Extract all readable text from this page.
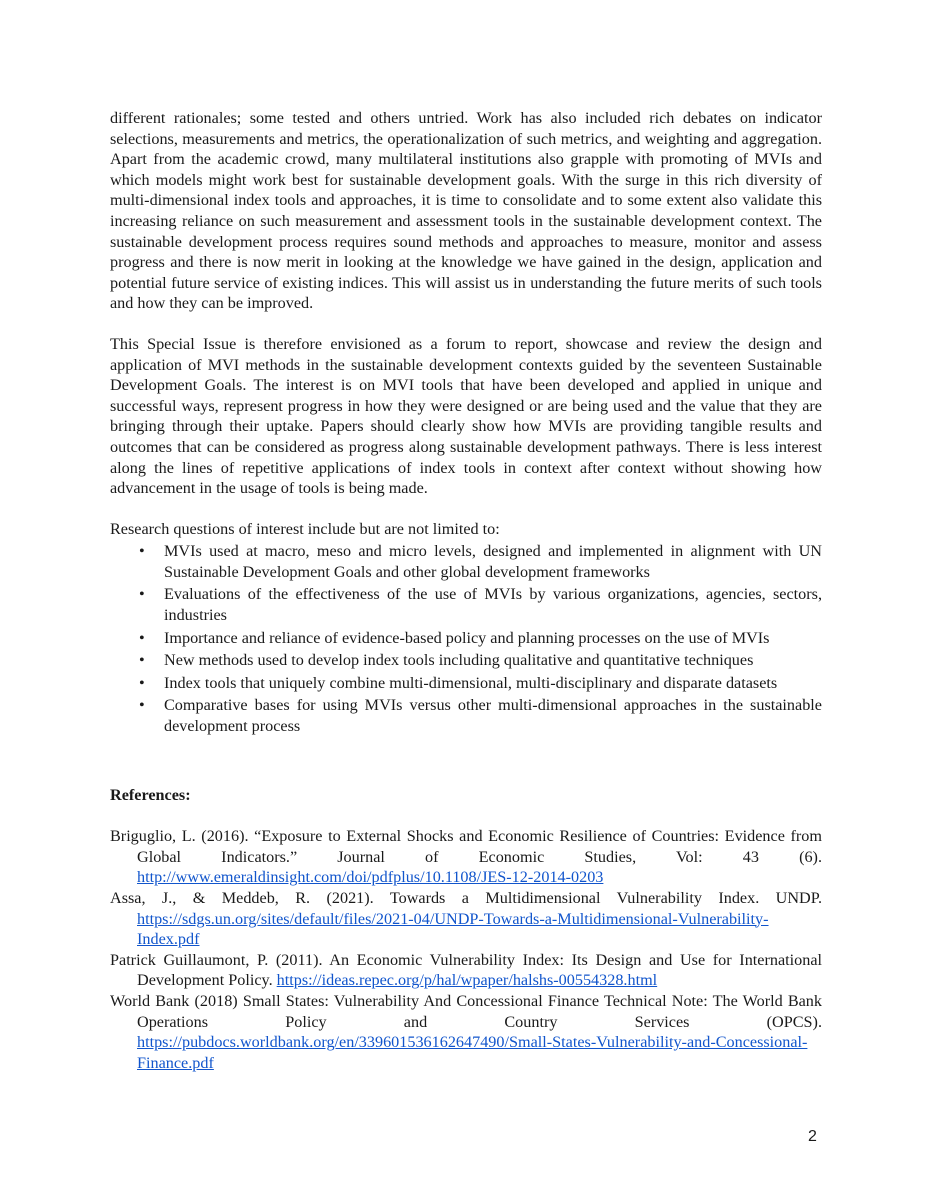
different rationales; some tested and others untried. Work has also included rich debates on indicator selections, measurements and metrics, the operationalization of such metrics, and weighting and aggregation. Apart from the academic crowd, many multilateral institutions also grapple with promoting of MVIs and which models might work best for sustainable development goals. With the surge in this rich diversity of multi-dimensional index tools and approaches, it is time to consolidate and to some extent also validate this increasing reliance on such measurement and assessment tools in the sustainable development context. The sustainable development process requires sound methods and approaches to measure, monitor and assess progress and there is now merit in looking at the knowledge we have gained in the design, application and potential future service of existing indices. This will assist us in understanding the future merits of such tools and how they can be improved.

This Special Issue is therefore envisioned as a forum to report, showcase and review the design and application of MVI methods in the sustainable development contexts guided by the seventeen Sustainable Development Goals. The interest is on MVI tools that have been developed and applied in unique and successful ways, represent progress in how they were designed or are being used and the value that they are bringing through their uptake. Papers should clearly show how MVIs are providing tangible results and outcomes that can be considered as progress along sustainable development pathways. There is less interest along the lines of repetitive applications of index tools in context after context without showing how advancement in the usage of tools is being made.

Research questions of interest include but are not limited to:

• MVIs used at macro, meso and micro levels, designed and implemented in alignment with UN Sustainable Development Goals and other global development frameworks
• Evaluations of the effectiveness of the use of MVIs by various organizations, agencies, sectors, industries
• Importance and reliance of evidence-based policy and planning processes on the use of MVIs
• New methods used to develop index tools including qualitative and quantitative techniques
• Index tools that uniquely combine multi-dimensional, multi-disciplinary and disparate datasets
• Comparative bases for using MVIs versus other multi-dimensional approaches in the sustainable development process

References:

Briguglio, L. (2016). “Exposure to External Shocks and Economic Resilience of Countries: Evidence from Global Indicators.” Journal of Economic Studies, Vol: 43 (6). http://www.emeraldinsight.com/doi/pdfplus/10.1108/JES-12-2014-0203

Assa, J., & Meddeb, R. (2021). Towards a Multidimensional Vulnerability Index. UNDP. https://sdgs.un.org/sites/default/files/2021-04/UNDP-Towards-a-Multidimensional-Vulnerability-Index.pdf

Patrick Guillaumont, P. (2011). An Economic Vulnerability Index: Its Design and Use for International Development Policy. https://ideas.repec.org/p/hal/wpaper/halshs-00554328.html

World Bank (2018) Small States: Vulnerability And Concessional Finance Technical Note: The World Bank Operations Policy and Country Services (OPCS). https://pubdocs.worldbank.org/en/339601536162647490/Small-States-Vulnerability-and-Concessional-Finance.pdf

2
